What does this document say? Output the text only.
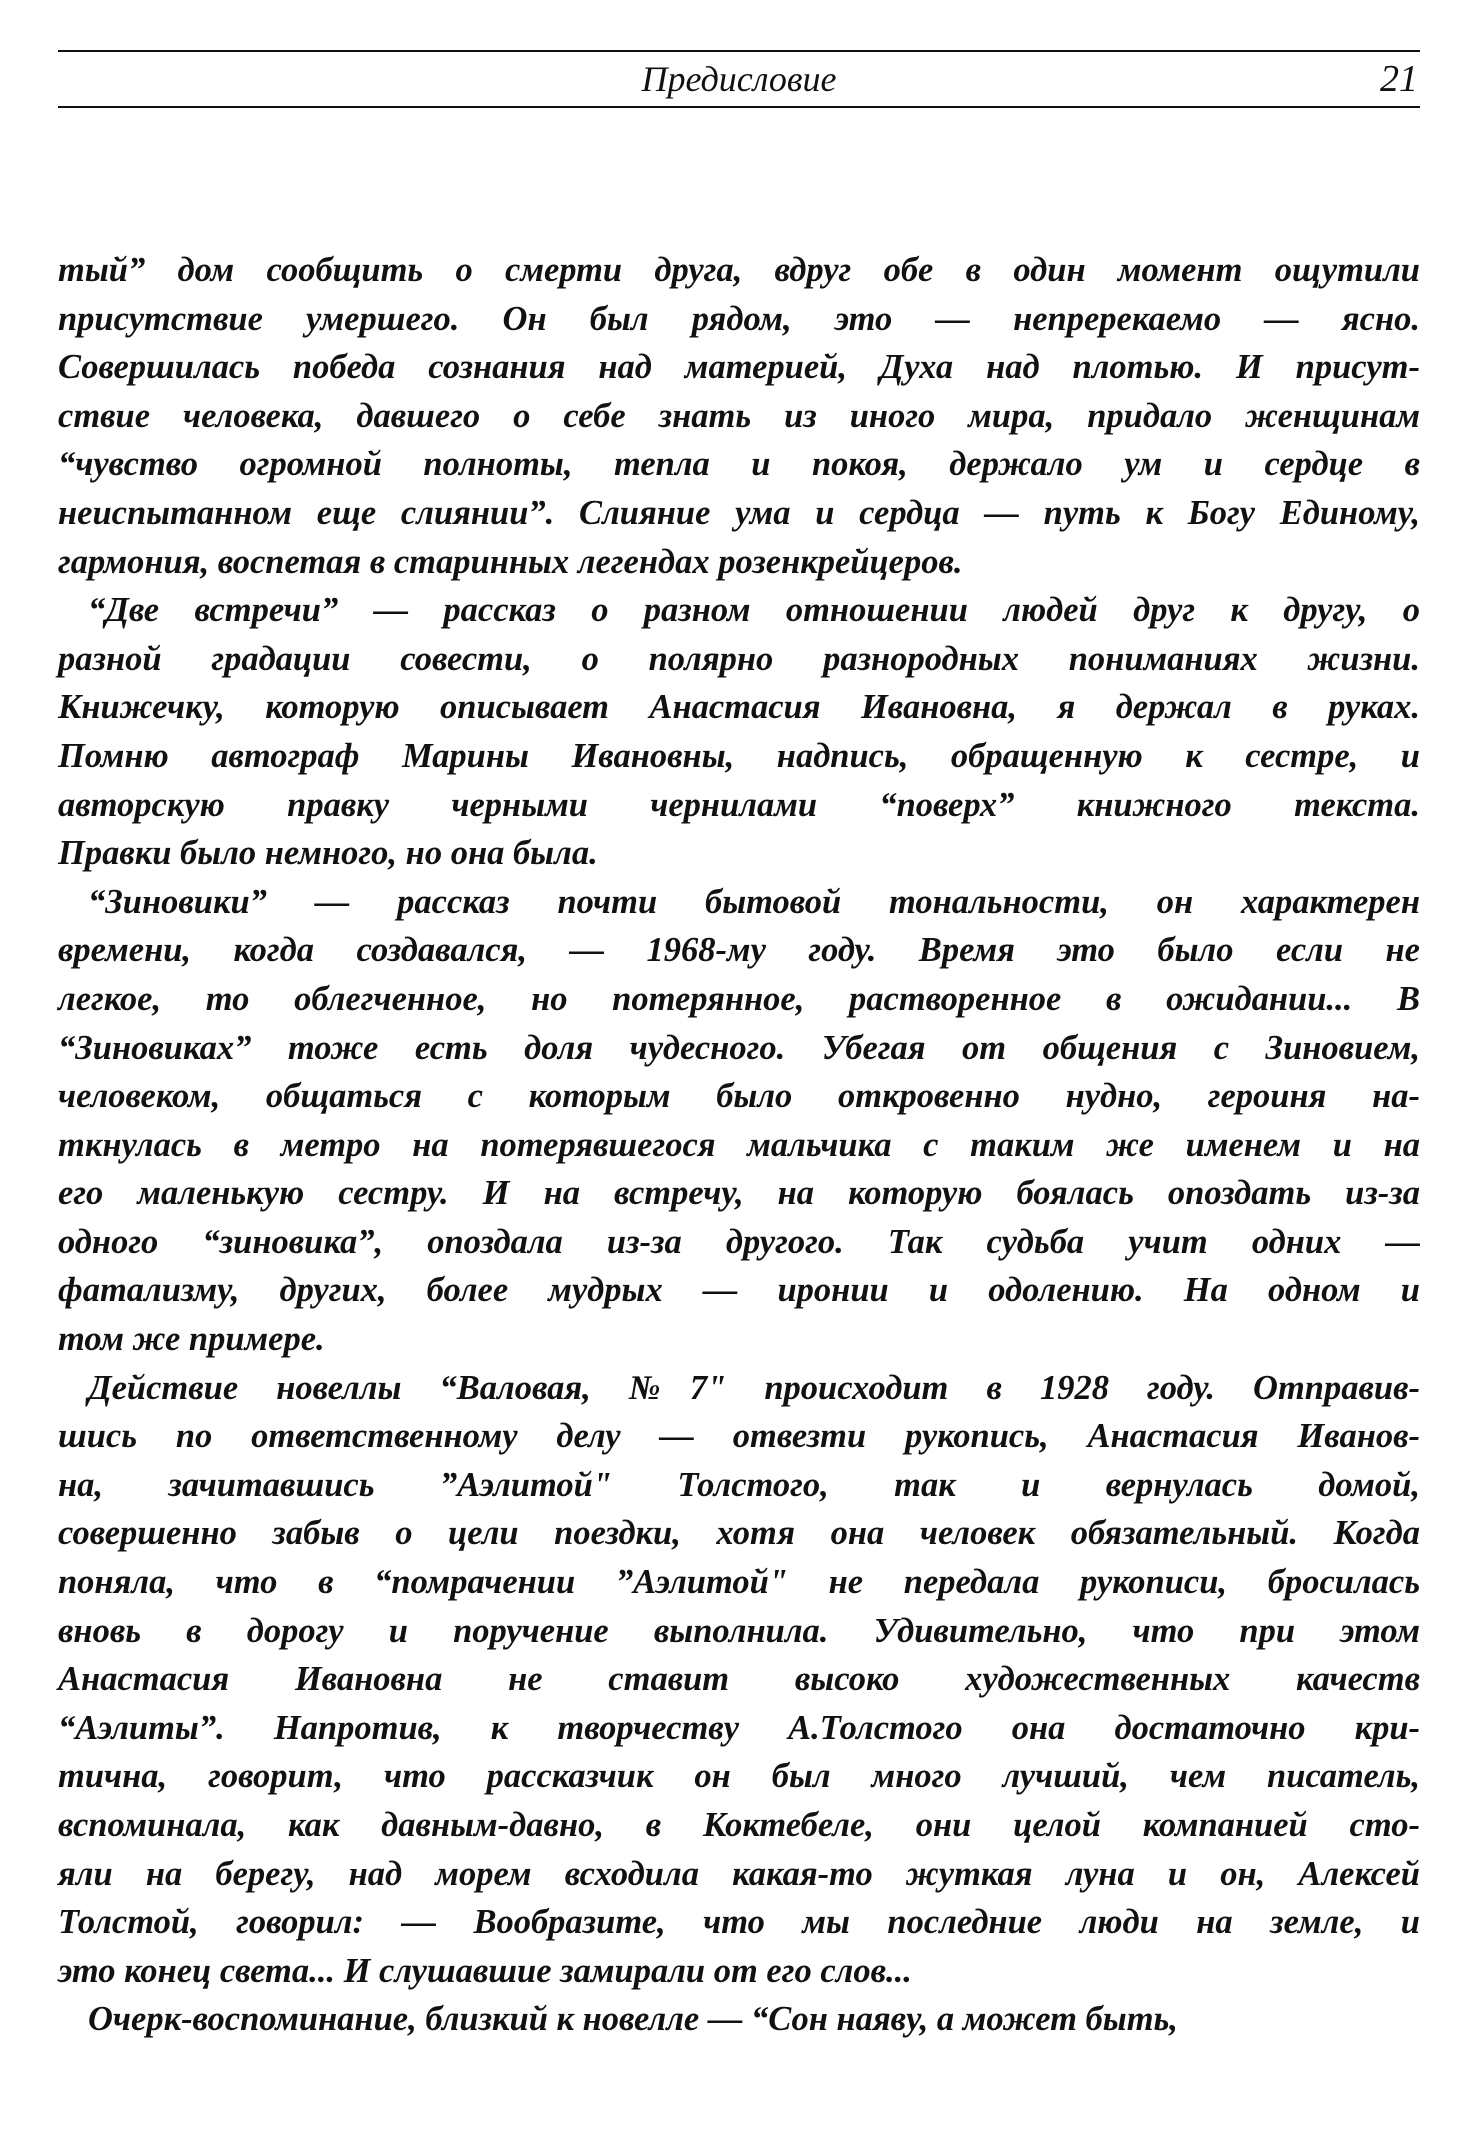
Предисловие	21
тый” дом сообщить о смерти друга, вдруг обе в один момент ощутили
присутствие умершего. Он был рядом, это — непререкаемо — ясно.
Совершилась победа сознания над материей, Духа над плотью. И присут-
ствие человека, давшего о себе знать из иного мира, придало женщинам
“чувство огромной полноты, тепла и покоя, держало ум и сердце в
неиспытанном еще слиянии”. Слияние ума и сердца — путь к Богу Единому,
гармония, воспетая в старинных легендах розенкрейцеров.
“Две встречи” — рассказ о разном отношении людей друг к другу, о
разной градации совести, о полярно разнородных пониманиях жизни.
Книжечку, которую описывает Анастасия Ивановна, я держал в руках.
Помню автограф Марины Ивановны, надпись, обращенную к сестре, и
авторскую правку черными чернилами “поверх” книжного текста.
Правки было немного, но она была.
“Зиновики” — рассказ почти бытовой тональности, он характерен
времени, когда создавался, — 1968-му году. Время это было если не
легкое, то облегченное, но потерянное, растворенное в ожидании... В
“Зиновиках” тоже есть доля чудесного. Убегая от общения с Зиновием,
человеком, общаться с которым было откровенно нудно, героиня на-
ткнулась в метро на потерявшегося мальчика с таким же именем и на
его маленькую сестру. И на встречу, на которую боялась опоздать из-за
одного “зиновика”, опоздала из-за другого. Так судьба учит одних —
фатализму, других, более мудрых — иронии и одолению. На одном и
том же примере.
Действие новеллы “Валовая, №7" происходит в 1928 году. Отправив-
шись по ответственному делу — отвезти рукопись, Анастасия Иванов-
на, зачитавшись ”Аэлитой" Толстого, так и вернулась домой,
совершенно забыв о цели поездки, хотя она человек обязательный. Когда
поняла, что в “помрачении ”Аэлитой" не передала рукописи, бросилась
вновь в дорогу и поручение выполнила. Удивительно, что при этом
Анастасия Ивановна не ставит высоко художественных качеств
“Аэлиты”. Напротив, к творчеству А.Толстого она достаточно кри-
тична, говорит, что рассказчик он был много лучший, чем писатель,
вспоминала, как давным-давно, в Коктебеле, они целой компанией сто-
яли на берегу, над морем всходила какая-то жуткая луна и он, Алексей
Толстой, говорил: — Вообразите, что мы последние люди на земле, и
это конец света... И слушавшие замирали от его слов...
Очерк-воспоминание, близкий к новелле — “Сон наяву, а может быть,
